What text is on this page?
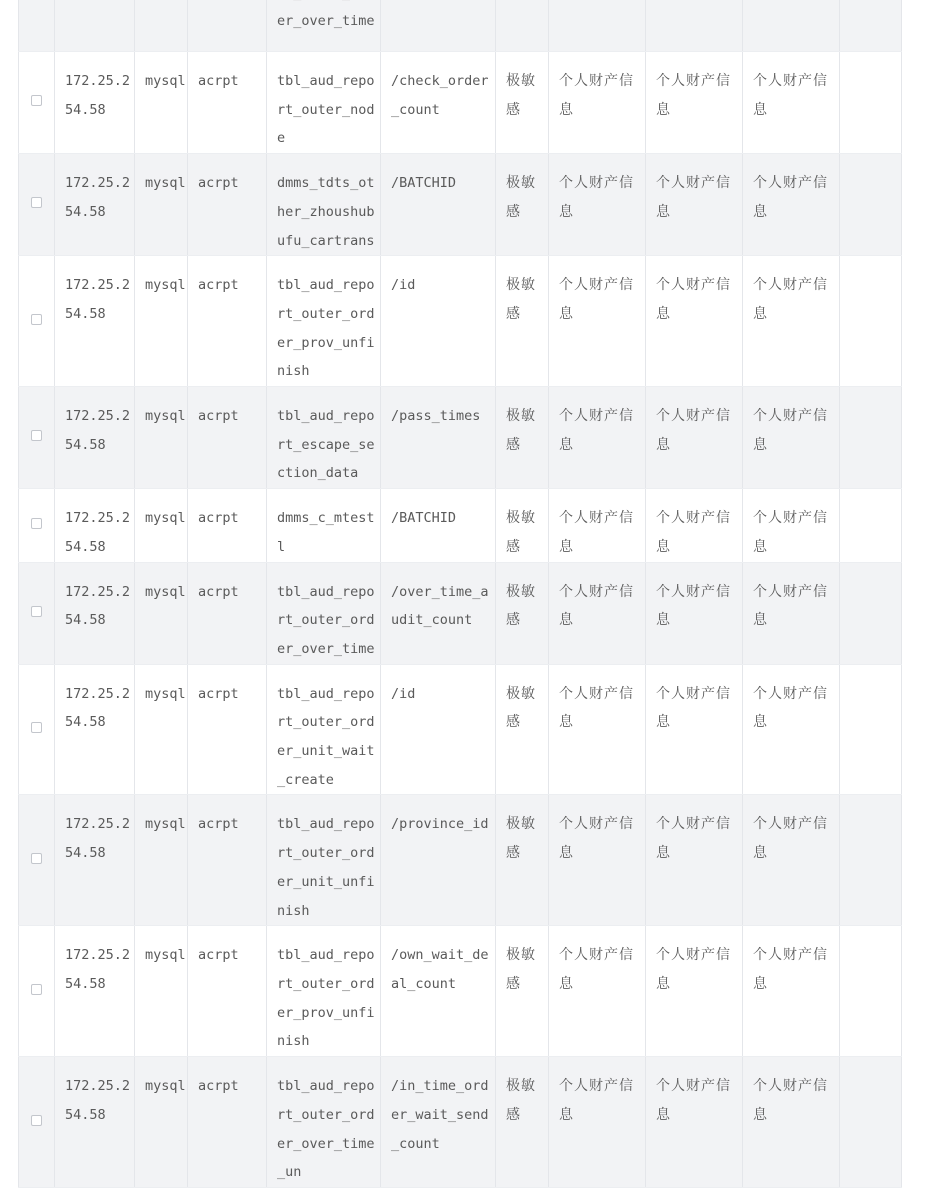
				er_over_time						
	172.25.254.58	mysql	acrpt	tbl_aud_report_outer_node	/check_order_count	极敏感	个人财产信息	个人财产信息	个人财产信息	
	172.25.254.58	mysql	acrpt	dmms_tdts_other_zhoushubufu_cartrans	/BATCHID	极敏感	个人财产信息	个人财产信息	个人财产信息	
	172.25.254.58	mysql	acrpt	tbl_aud_report_outer_order_prov_unfinish	/id	极敏感	个人财产信息	个人财产信息	个人财产信息	
	172.25.254.58	mysql	acrpt	tbl_aud_report_escape_section_data	/pass_times	极敏感	个人财产信息	个人财产信息	个人财产信息	
	172.25.254.58	mysql	acrpt	dmms_c_mtestl	/BATCHID	极敏感	个人财产信息	个人财产信息	个人财产信息	
	172.25.254.58	mysql	acrpt	tbl_aud_report_outer_order_over_time	/over_time_audit_count	极敏感	个人财产信息	个人财产信息	个人财产信息	
	172.25.254.58	mysql	acrpt	tbl_aud_report_outer_order_unit_wait_create	/id	极敏感	个人财产信息	个人财产信息	个人财产信息	
	172.25.254.58	mysql	acrpt	tbl_aud_report_outer_order_unit_unfinish	/province_id	极敏感	个人财产信息	个人财产信息	个人财产信息	
	172.25.254.58	mysql	acrpt	tbl_aud_report_outer_order_prov_unfinish	/own_wait_deal_count	极敏感	个人财产信息	个人财产信息	个人财产信息	
	172.25.254.58	mysql	acrpt	tbl_aud_report_outer_order_over_time_un	/in_time_order_wait_send_count	极敏感	个人财产信息	个人财产信息	个人财产信息	
